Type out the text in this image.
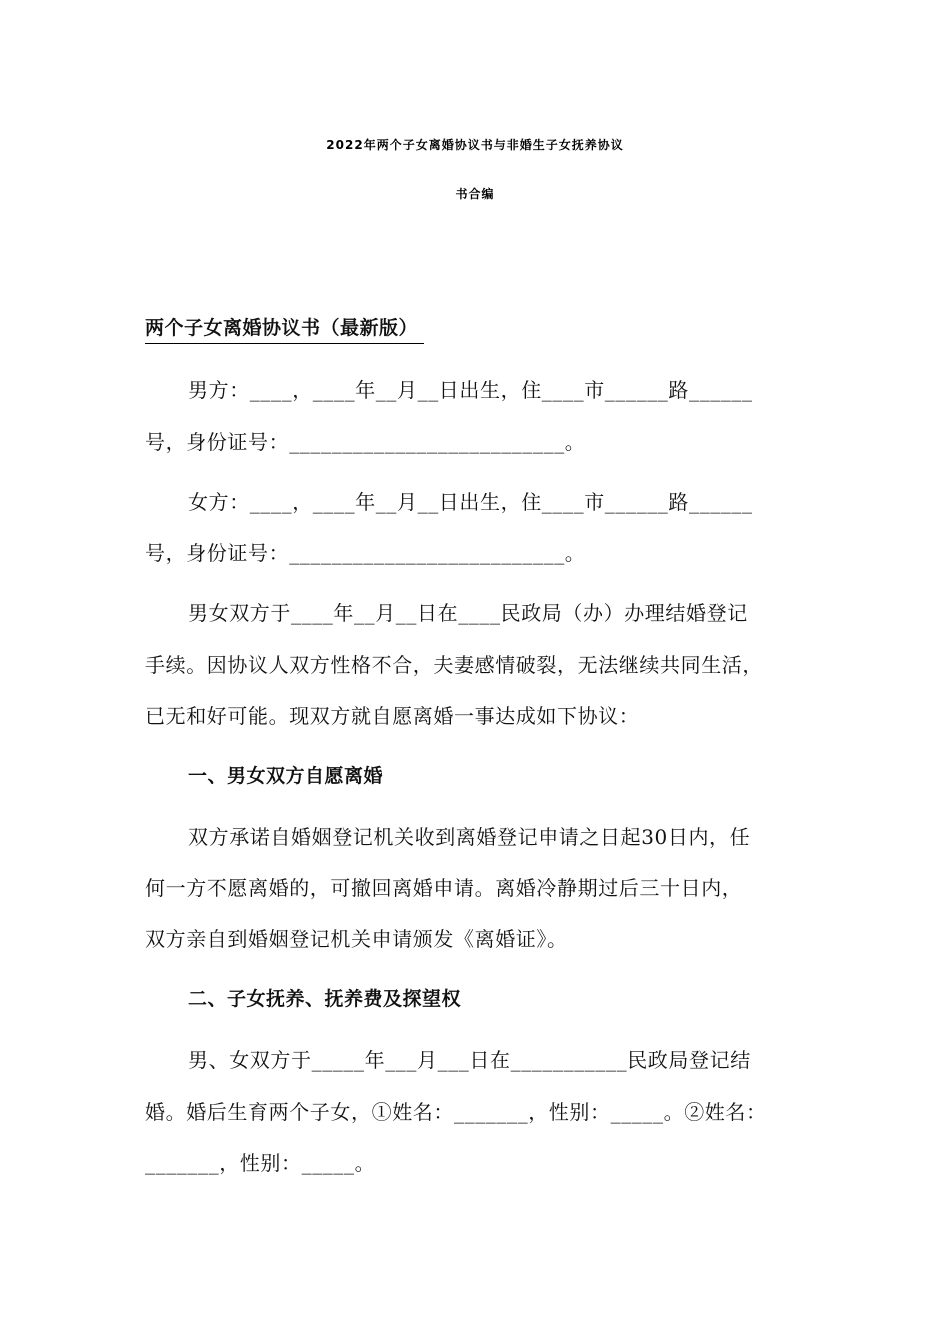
2022年两个子女离婚协议书与非婚生子女抚养协议
书合编
两个子女离婚协议书（最新版）
男方：____，____年__月__日出生，住____市______路______
号，身份证号：__________________________。
女方：____，____年__月__日出生，住____市______路______
号，身份证号：__________________________。
男女双方于____年__月__日在____民政局（办）办理结婚登记
手续。因协议人双方性格不合，夫妻感情破裂，无法继续共同生活，
已无和好可能。现双方就自愿离婚一事达成如下协议：
一、男女双方自愿离婚
双方承诺自婚姻登记机关收到离婚登记申请之日起30日内，任
何一方不愿离婚的，可撤回离婚申请。离婚冷静期过后三十日内，
双方亲自到婚姻登记机关申请颁发《离婚证》。
二、子女抚养、抚养费及探望权
男、女双方于_____年___月___日在___________民政局登记结
婚。婚后生育两个子女，①姓名：_______，性别：_____。②姓名：
_______，性别：_____。
